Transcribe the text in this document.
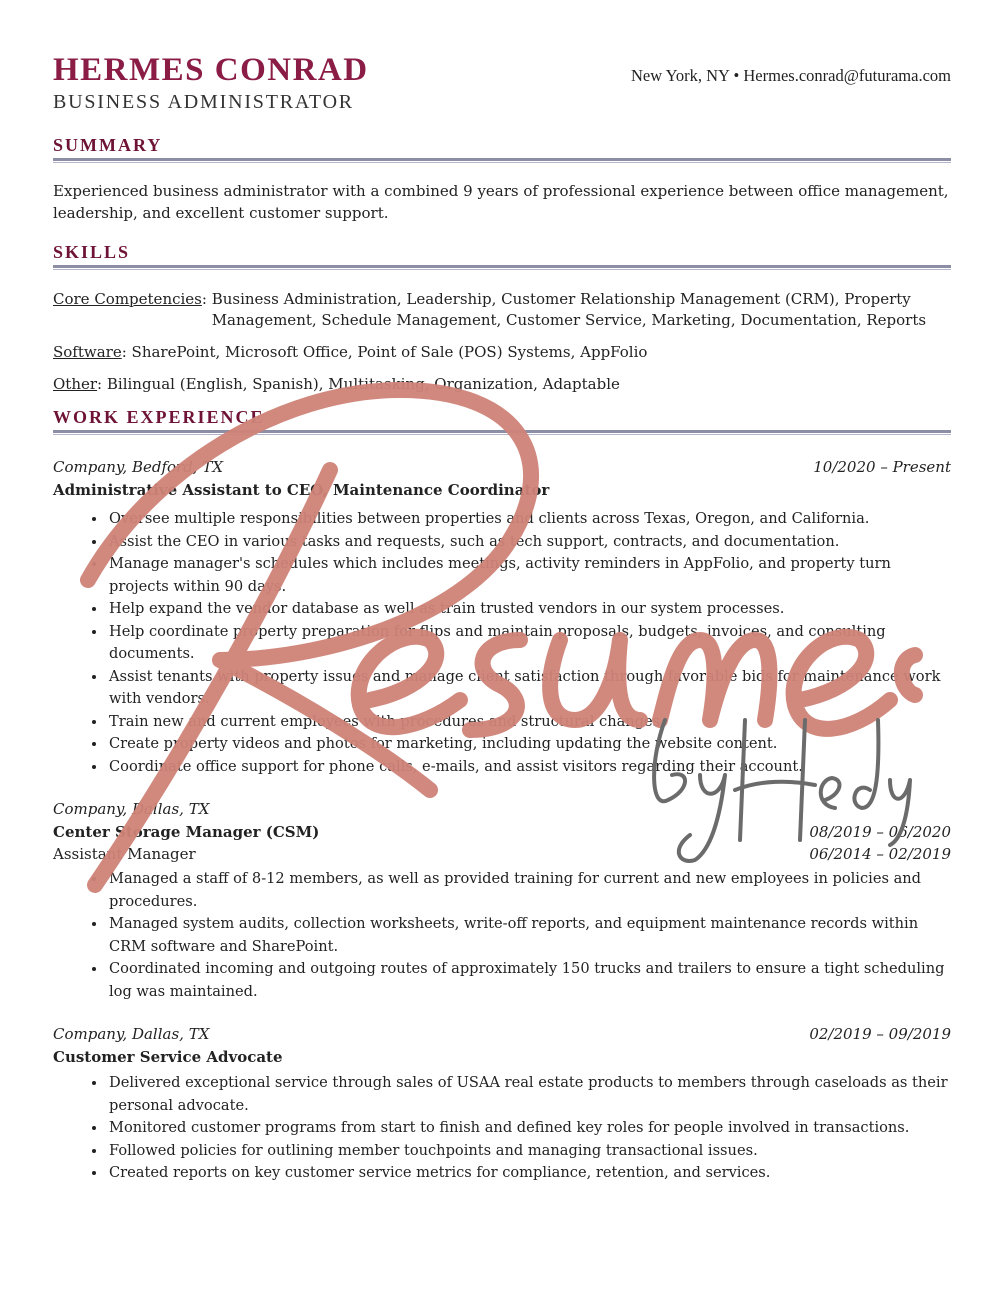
HERMES CONRAD
BUSINESS ADMINISTRATOR
New York, NY • Hermes.conrad@futurama.com
SUMMARY
Experienced business administrator with a combined 9 years of professional experience between office management, leadership, and excellent customer support.
SKILLS
Core Competencies : Business Administration, Leadership, Customer Relationship Management (CRM), Property Management, Schedule Management, Customer Service, Marketing, Documentation, Reports
Software : SharePoint, Microsoft Office, Point of Sale (POS) Systems, AppFolio
Other : Bilingual (English, Spanish), Multitasking, Organization, Adaptable
WORK EXPERIENCE
Company, Bedford, TX	10/2020 – Present
Administrative Assistant to CEO, Maintenance Coordinator
• Oversee multiple responsibilities between properties and clients across Texas, Oregon, and California.
• Assist the CEO in various tasks and requests, such as tech support, contracts, and documentation.
• Manage manager's schedules which includes meetings, activity reminders in AppFolio, and property turn projects within 90 days.
• Help expand the vendor database as well as train trusted vendors in our system processes.
• Help coordinate property preparation for flips and maintain proposals, budgets, invoices, and consulting documents.
• Assist tenants with property issues and manage client satisfaction through favorable bids for maintenance work with vendors.
• Train new and current employees with procedures and structural changes.
• Create property videos and photos for marketing, including updating the website content.
• Coordinate office support for phone calls, e-mails, and assist visitors regarding their account.
Company, Dallas, TX
Center Storage Manager (CSM)	08/2019 – 06/2020
Assistant Manager	06/2014 – 02/2019
• Managed a staff of 8-12 members, as well as provided training for current and new employees in policies and procedures.
• Managed system audits, collection worksheets, write-off reports, and equipment maintenance records within CRM software and SharePoint.
• Coordinated incoming and outgoing routes of approximately 150 trucks and trailers to ensure a tight scheduling log was maintained.
Company, Dallas, TX	02/2019 – 09/2019
Customer Service Advocate
• Delivered exceptional service through sales of USAA real estate products to members through caseloads as their personal advocate.
• Monitored customer programs from start to finish and defined key roles for people involved in transactions.
• Followed policies for outlining member touchpoints and managing transactional issues.
• Created reports on key customer service metrics for compliance, retention, and services.
